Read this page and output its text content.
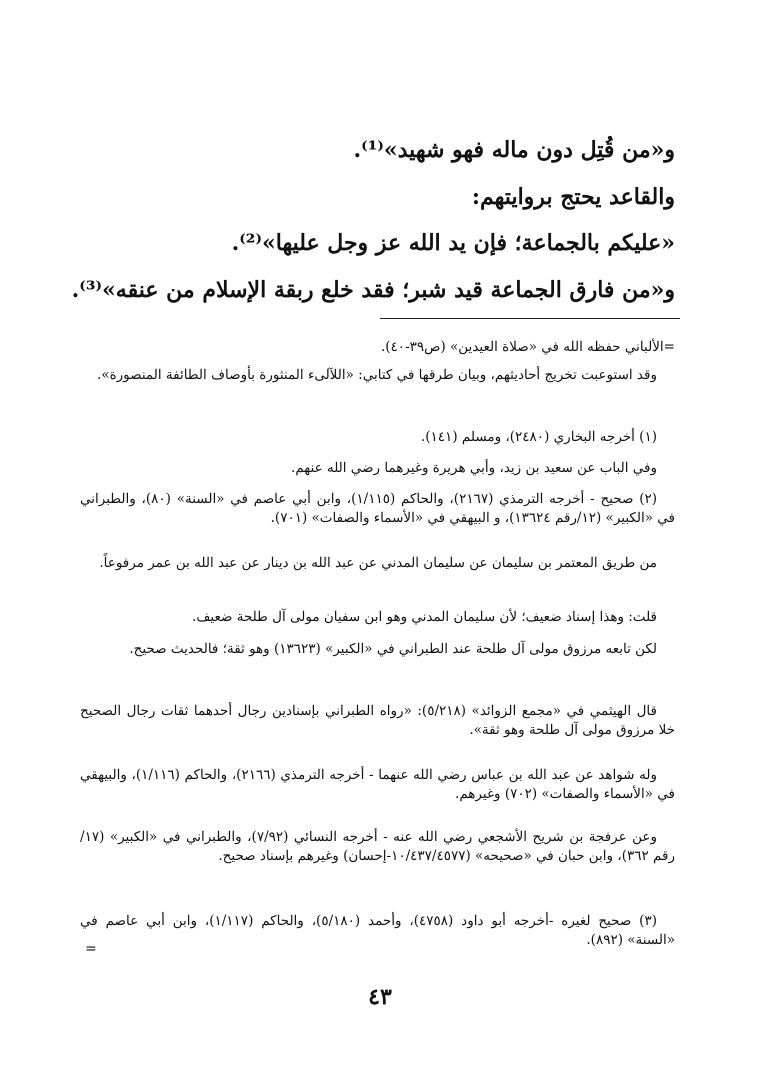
و«من قُتِل دون ماله فهو شهيد»⁽¹⁾.
والقاعد يحتج بروايتهم:
«عليكم بالجماعة؛ فإن يد الله عز وجل عليها»⁽²⁾.
و«من فارق الجماعة قيد شبر؛ فقد خلع ربقة الإسلام من عنقه»⁽³⁾.

=الألباني حفظه الله في «صلاة العيدين» (ص٣٩-٤٠).

وقد استوعبت تخريج أحاديثهم، وبيان طرقها في كتابي: «اللآلىء المنثورة بأوصاف الطائفة المنصورة».

(١) أخرجه البخاري (٢٤٨٠)، ومسلم (١٤١).

وفي الباب عن سعيد بن زيد، وأبي هريرة وغيرهما رضي الله عنهم.

(٢) صحيح - أخرجه الترمذي (٢١٦٧)، والحاكم (١/١١٥)، وابن أبي عاصم في «السنة» (٨٠)، والطبراني في «الكبير» (١٢/رقم ١٣٦٢٤)، و البيهقي في «الأسماء والصفات» (٧٠١).

من طريق المعتمر بن سليمان عن سليمان المدني عن عبد الله بن دينار عن عبد الله بن عمر مرفوعاً.

قلت: وهذا إسناد ضعيف؛ لأن سليمان المدني وهو ابن سفيان مولى آل طلحة ضعيف.

لكن تابعه مرزوق مولى آل طلحة عند الطبراني في «الكبير» (١٣٦٢٣) وهو ثقة؛ فالحديث صحيح.

قال الهيثمي في «مجمع الزوائد» (٥/٢١٨): «رواه الطبراني بإسنادين رجال أحدهما ثقات رجال الصحيح خلا مرزوق مولى آل طلحة وهو ثقة».

وله شواهد عن عبد الله بن عباس رضي الله عنهما - أخرجه الترمذي (٢١٦٦)، والحاكم (١/١١٦)، والبيهقي في «الأسماء والصفات» (٧٠٢) وغيرهم.

وعن عرفجة بن شريح الأشجعي رضي الله عنه - أخرجه النسائي (٧/٩٢)، والطبراني في «الكبير» (١٧/رقم ٣٦٢)، وابن حبان في «صحيحه» (١٠/٤٣٧/٤٥٧٧-إحسان) وغيرهم بإسناد صحيح.

(٣) صحيح لغيره -أخرجه أبو داود (٤٧٥٨)، وأحمد (٥/١٨٠)، والحاكم (١/١١٧)، وابن أبي عاصم في «السنة» (٨٩٢).

=
٤٣
